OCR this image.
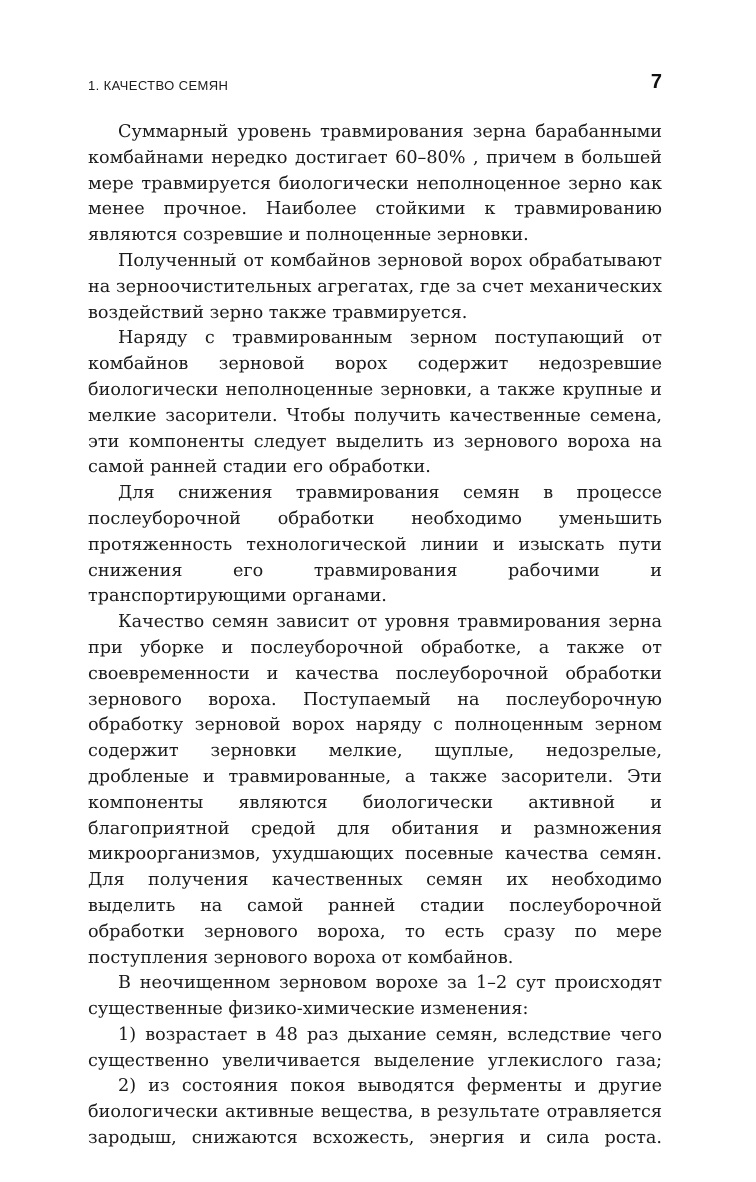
1. КАЧЕСТВО СЕМЯН	7

Суммарный уровень травмирования зерна барабанными комбайнами нередко достигает 60–80% , причем в большей мере травмируется биологически неполноценное зерно как менее прочное. Наиболее стойкими к травмированию являются созревшие и полноценные зерновки.

Полученный от комбайнов зерновой ворох обрабатывают на зерноочистительных агрегатах, где за счет механических воздействий зерно также травмируется.

Наряду с травмированным зерном поступающий от комбайнов зерновой ворох содержит недозревшие биологически неполноценные зерновки, а также крупные и мелкие засорители. Чтобы получить качественные семена, эти компоненты следует выделить из зернового вороха на самой ранней стадии его обработки.

Для снижения травмирования семян в процессе послеуборочной обработки необходимо уменьшить протяженность технологической линии и изыскать пути снижения его травмирования рабочими и транспортирующими органами.

Качество семян зависит от уровня травмирования зерна при уборке и послеуборочной обработке, а также от своевременности и качества послеуборочной обработки зернового вороха. Поступаемый на послеуборочную обработку зерновой ворох наряду с полноценным зерном содержит зерновки мелкие, щуплые, недозрелые, дробленые и травмированные, а также засорители. Эти компоненты являются биологически активной и благоприятной средой для обитания и размножения микроорганизмов, ухудшающих посевные качества семян. Для получения качественных семян их необходимо выделить на самой ранней стадии послеуборочной обработки зернового вороха, то есть сразу по мере поступления зернового вороха от комбайнов.

В неочищенном зерновом ворохе за 1–2 сут происходят существенные физико-химические изменения:

1) возрастает в 48 раз дыхание семян, вследствие чего существенно увеличивается выделение углекислого газа;

2) из состояния покоя выводятся ферменты и другие биологически активные вещества, в результате отравляется зародыш, снижаются всхожесть, энергия и сила роста.
